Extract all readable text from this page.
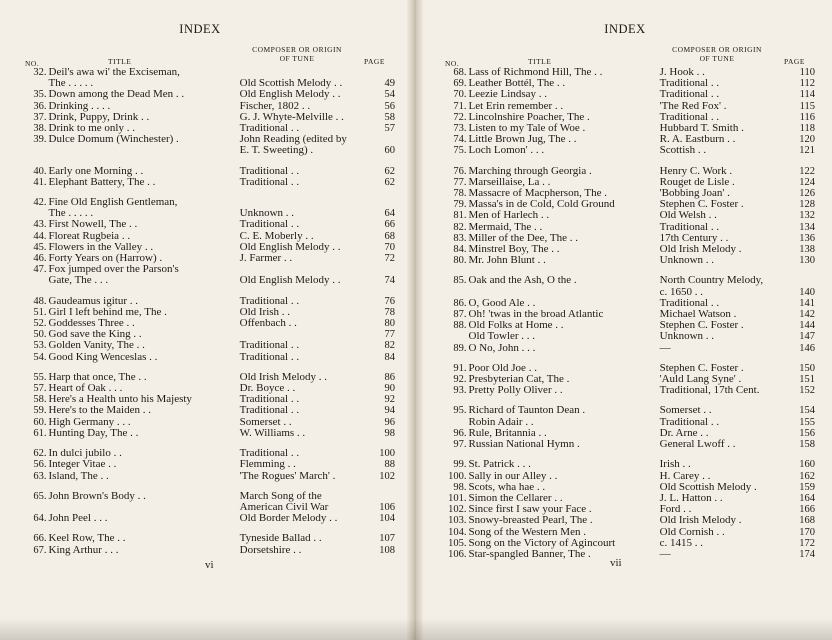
INDEX
NO.	TITLE
COMPOSER OR ORIGIN
OF TUNE	PAGE
32.	Deil's awa wi' the Exciseman,		
	The . . . . .	Old Scottish Melody . .	49
35.	Down among the Dead Men . .	Old English Melody . .	54
36.	Drinking . . . .	Fischer, 1802 . .	56
37.	Drink, Puppy, Drink . .	G. J. Whyte-Melville . .	58
38.	Drink to me only . .	Traditional . .	57
39.	Dulce Domum (Winchester) .	John Reading (edited by	
		E. T. Sweeting) .	60

40.	Early one Morning . .	Traditional . .	62
41.	Elephant Battery, The . .	Traditional . .	62

42.	Fine Old English Gentleman,		
	The . . . . .	Unknown . .	64
43.	First Nowell, The . .	Traditional . .	66
44.	Floreat Rugbeia . .	C. E. Moberly . .	68
45.	Flowers in the Valley . .	Old English Melody . .	70
46.	Forty Years on (Harrow) .	J. Farmer . .	72
47.	Fox jumped over the Parson's		
	Gate, The . . .	Old English Melody . .	74

48.	Gaudeamus igitur . .	Traditional . .	76
51.	Girl I left behind me, The .	Old Irish . .	78
52.	Goddesses Three . .	Offenbach . .	80
50.	God save the King . .		77
53.	Golden Vanity, The . .	Traditional . .	82
54.	Good King Wenceslas . .	Traditional . .	84

55.	Harp that once, The . .	Old Irish Melody . .	86
57.	Heart of Oak . . .	Dr. Boyce . .	90
58.	Here's a Health unto his Majesty	Traditional . .	92
59.	Here's to the Maiden . .	Traditional . .	94
60.	High Germany . . .	Somerset . .	96
61.	Hunting Day, The . .	W. Williams . .	98

62.	In dulci jubilo . .	Traditional . .	100
56.	Integer Vitae . .	Flemming . .	88
63.	Island, The . .	'The Rogues' March' .	102

65.	John Brown's Body . .	March Song of the	
		American Civil War	106
64.	John Peel . . .	Old Border Melody . .	104

66.	Keel Row, The . .	Tyneside Ballad . .	107
67.	King Arthur . . .	Dorsetshire . .	108
vi
INDEX
NO.	TITLE
COMPOSER OR ORIGIN
OF TUNE	PAGE
68.	Lass of Richmond Hill, The . .	J. Hook . .	110
69.	Leather Bottél, The . .	Traditional . .	112
70.	Leezie Lindsay . .	Traditional . .	114
71.	Let Erin remember . .	'The Red Fox' .	115
72.	Lincolnshire Poacher, The .	Traditional . .	116
73.	Listen to my Tale of Woe .	Hubbard T. Smith .	118
74.	Little Brown Jug, The . .	R. A. Eastburn . .	120
75.	Loch Lomon' . . .	Scottish . .	121

76.	Marching through Georgia .	Henry C. Work .	122
77.	Marseillaise, La . .	Rouget de Lisle .	124
78.	Massacre of Macpherson, The .	'Bobbing Joan' .	126
79.	Massa's in de Cold, Cold Ground	Stephen C. Foster .	128
81.	Men of Harlech . .	Old Welsh . .	132
82.	Mermaid, The . .	Traditional . .	134
83.	Miller of the Dee, The . .	17th Century . .	136
84.	Minstrel Boy, The . .	Old Irish Melody .	138
80.	Mr. John Blunt . .	Unknown . .	130

85.	Oak and the Ash, O the .	North Country Melody,	
		c. 1650 . .	140
86.	O, Good Ale . .	Traditional . .	141
87.	Oh! 'twas in the broad Atlantic	Michael Watson .	142
88.	Old Folks at Home . .	Stephen C. Foster .	144
	Old Towler . . .	Unknown . .	147
89.	O No, John . . .	—	146

91.	Poor Old Joe . .	Stephen C. Foster .	150
92.	Presbyterian Cat, The .	'Auld Lang Syne' .	151
93.	Pretty Polly Oliver . .	Traditional, 17th Cent.	152

95.	Richard of Taunton Dean .	Somerset . .	154
	Robin Adair . .	Traditional . .	155
96.	Rule, Britannia . .	Dr. Arne . .	156
97.	Russian National Hymn .	General Lwoff . .	158

99.	St. Patrick . . .	Irish . .	160
100.	Sally in our Alley . .	H. Carey . .	162
98.	Scots, wha hae . .	Old Scottish Melody .	159
101.	Simon the Cellarer . .	J. L. Hatton . .	164
102.	Since first I saw your Face .	Ford . .	166
103.	Snowy-breasted Pearl, The .	Old Irish Melody .	168
104.	Song of the Western Men .	Old Cornish . .	170
105.	Song on the Victory of Agincourt	c. 1415 . .	172
106.	Star-spangled Banner, The .	—	174
vii
